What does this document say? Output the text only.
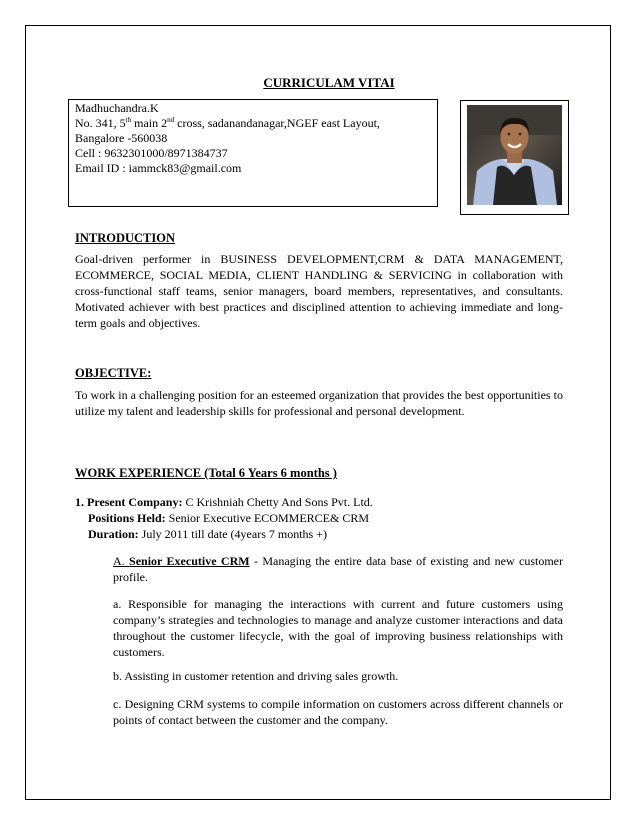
CURRICULAM VITAI
Madhuchandra.K
No. 341, 5th main 2nd cross, sadanandanagar,NGEF east Layout,
Bangalore -560038
Cell : 9632301000/8971384737
Email ID : iammck83@gmail.com
INTRODUCTION
Goal-driven performer in BUSINESS DEVELOPMENT,CRM & DATA MANAGEMENT, ECOMMERCE, SOCIAL MEDIA, CLIENT HANDLING & SERVICING in collaboration with cross-functional staff teams, senior managers, board members, representatives, and consultants. Motivated achiever with best practices and disciplined attention to achieving immediate and long-term goals and objectives.
OBJECTIVE:
To work in a challenging position for an esteemed organization that provides the best opportunities to utilize my talent and leadership skills for professional and personal development.
WORK EXPERIENCE (Total 6 Years 6 months )
1. Present Company: C Krishniah Chetty And Sons Pvt. Ltd.
Positions Held: Senior Executive ECOMMERCE& CRM
Duration: July 2011 till date (4years 7 months +)
A. Senior Executive CRM - Managing the entire data base of existing and new customer profile.
a. Responsible for managing the interactions with current and future customers using company’s strategies and technologies to manage and analyze customer interactions and data throughout the customer lifecycle, with the goal of improving business relationships with customers.
b. Assisting in customer retention and driving sales growth.
c. Designing CRM systems to compile information on customers across different channels or points of contact between the customer and the company.
